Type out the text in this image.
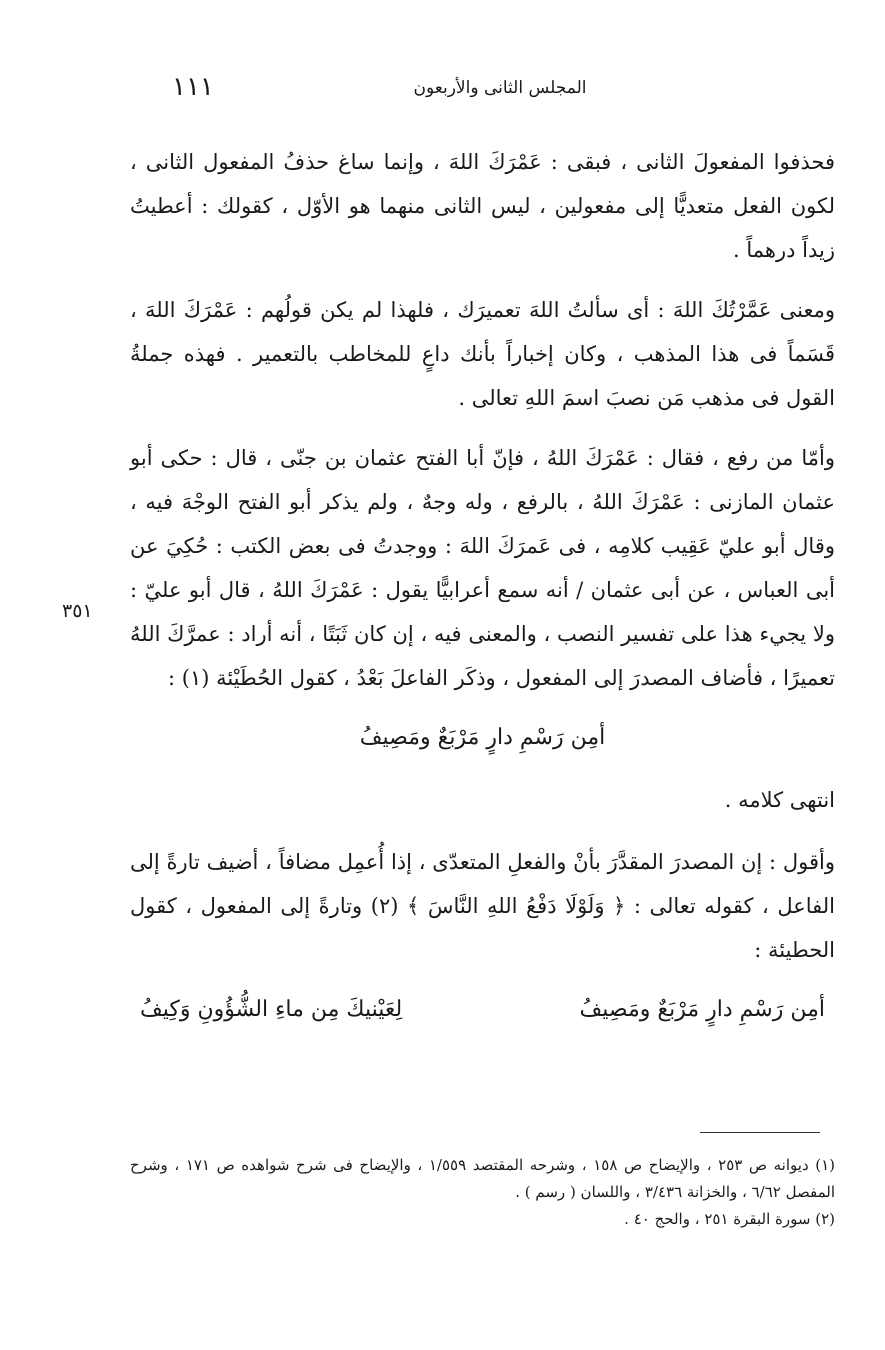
١١١	المجلس الثانى والأربعون
٣٥١

فحذفوا المفعولَ الثانى ، فبقى : عَمْرَكَ اللهَ ، وإنما ساغ حذفُ المفعول الثانى ، لكون الفعل متعديًّا إلى مفعولين ، ليس الثانى منهما هو الأوّل ، كقولك : أعطيتُ زيداً درهماً .

ومعنى عَمَّرْتُكَ اللهَ : أى سألتُ اللهَ تعميرَك ، فلهذا لم يكن قولُهم : عَمْرَكَ اللهَ ، قَسَماً فى هذا المذهب ، وكان إخباراً بأنك داعٍ للمخاطب بالتعمير . فهذه جملةُ القول فى مذهب مَن نصبَ اسمَ اللهِ تعالى .

وأمّا من رفع ، فقال : عَمْرَكَ اللهُ ، فإنّ أبا الفتح عثمان بن جنّى ، قال : حكى أبو عثمان المازنى : عَمْرَكَ اللهُ ، بالرفع ، وله وجهٌ ، ولم يذكر أبو الفتح الوجْهَ فيه ، وقال أبو عليّ عَقِيب كلامِه ، فى عَمرَكَ اللهَ : ووجدتُ فى بعض الكتب : حُكِيَ عن أبى العباس ، عن أبى عثمان / أنه سمع أعرابيًّا يقول : عَمْرَكَ اللهُ ، قال أبو عليّ : ولا يجيء هذا على تفسير النصب ، والمعنى فيه ، إن كان ثَبَتًا ، أنه أراد : عمرَّكَ اللهُ تعميرًا ، فأضاف المصدرَ إلى المفعول ، وذكَر الفاعلَ بَعْدُ ، كقول الحُطَيْئة (١) :

أمِن رَسْمِ دارٍ مَرْبَعٌ ومَصِيفُ

انتهى كلامه .

وأقول : إن المصدرَ المقدَّرَ بأنْ والفعلِ المتعدّى ، إذا أُعمِل مضافاً ، أضيف تارةً إلى الفاعل ، كقوله تعالى : ﴿ وَلَوْلَا دَفْعُ اللهِ النَّاسَ ﴾ (٢) وتارةً إلى المفعول ، كقول الحطيئة :

أمِن رَسْمِ دارٍ مَرْبَعٌ ومَصِيفُ
لِعَيْنيكَ مِن ماءِ الشُّؤُونِ وَكِيفُ

(١) ديوانه ص ٢٥٣ ، والإيضاح ص ١٥٨ ، وشرحه المقتصد ١/٥٥٩ ، والإيضاح فى شرح شواهده ص ١٧١ ، وشرح المفصل ٦/٦٢ ، والخزانة ٣/٤٣٦ ، واللسان ( رسم ) .

(٢) سورة البقرة ٢٥١ ، والحج ٤٠ .
